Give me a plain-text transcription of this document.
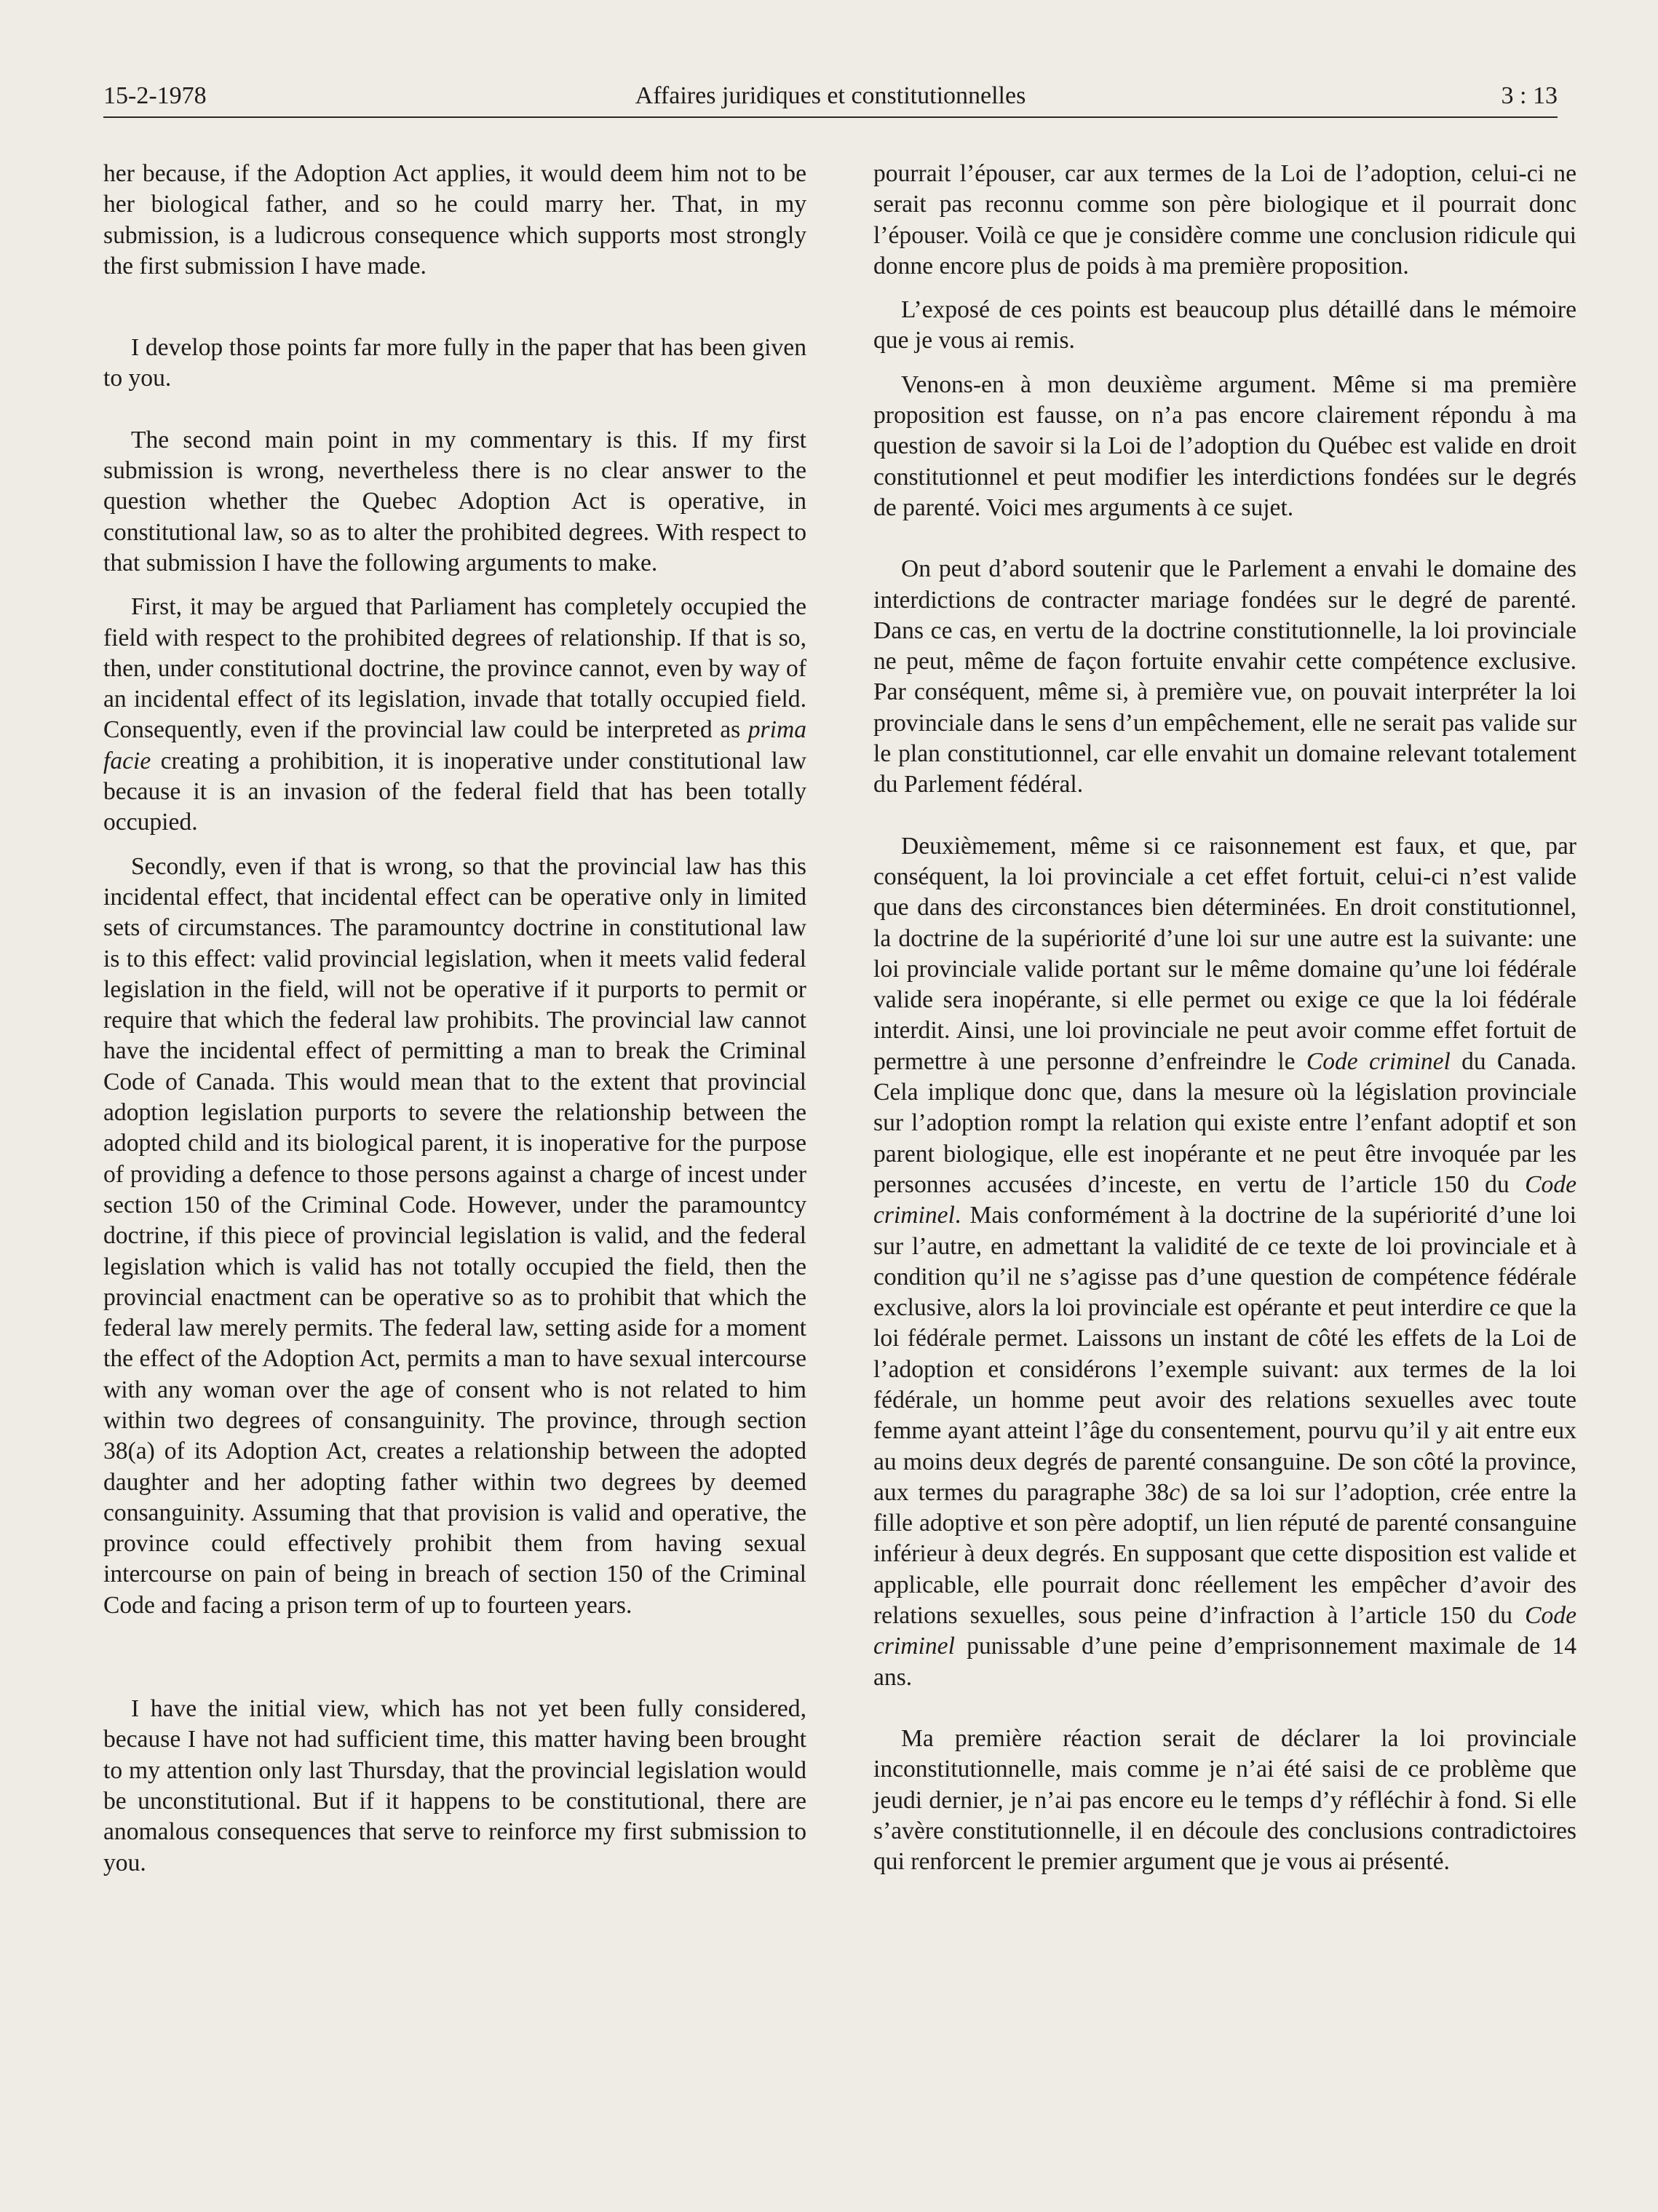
15-2-1978	Affaires juridiques et constitutionnelles	3 : 13

her because, if the Adoption Act applies, it would deem him not to be her biological father, and so he could marry her. That, in my submission, is a ludicrous consequence which supports most strongly the first submission I have made.

I develop those points far more fully in the paper that has been given to you.

The second main point in my commentary is this. If my first submission is wrong, nevertheless there is no clear answer to the question whether the Quebec Adoption Act is operative, in constitutional law, so as to alter the prohibited degrees. With respect to that submission I have the following arguments to make.

First, it may be argued that Parliament has completely occupied the field with respect to the prohibited degrees of relationship. If that is so, then, under constitutional doctrine, the province cannot, even by way of an incidental effect of its legislation, invade that totally occupied field. Consequently, even if the provincial law could be interpreted as prima facie creating a prohibition, it is inoperative under constitutional law because it is an invasion of the federal field that has been totally occupied.

Secondly, even if that is wrong, so that the provincial law has this incidental effect, that incidental effect can be operative only in limited sets of circumstances. The paramountcy doctrine in constitutional law is to this effect: valid provincial legislation, when it meets valid federal legislation in the field, will not be operative if it purports to permit or require that which the federal law prohibits. The provincial law cannot have the incidental effect of permitting a man to break the Criminal Code of Canada. This would mean that to the extent that provincial adoption legislation purports to severe the relationship between the adopted child and its biological parent, it is inoperative for the purpose of providing a defence to those persons against a charge of incest under section 150 of the Criminal Code. However, under the paramountcy doctrine, if this piece of provincial legislation is valid, and the federal legislation which is valid has not totally occupied the field, then the provincial enactment can be operative so as to prohibit that which the federal law merely permits. The federal law, setting aside for a moment the effect of the Adoption Act, permits a man to have sexual intercourse with any woman over the age of consent who is not related to him within two degrees of consanguinity. The province, through section 38(a) of its Adoption Act, creates a relationship between the adopted daughter and her adopting father within two degrees by deemed consanguinity. Assuming that that provision is valid and operative, the province could effectively prohibit them from having sexual intercourse on pain of being in breach of section 150 of the Criminal Code and facing a prison term of up to fourteen years.

I have the initial view, which has not yet been fully considered, because I have not had sufficient time, this matter having been brought to my attention only last Thursday, that the provincial legislation would be unconstitutional. But if it happens to be constitutional, there are anomalous consequences that serve to reinforce my first submission to you.

pourrait l’épouser, car aux termes de la Loi de l’adoption, celui-ci ne serait pas reconnu comme son père biologique et il pourrait donc l’épouser. Voilà ce que je considère comme une conclusion ridicule qui donne encore plus de poids à ma première proposition.

L’exposé de ces points est beaucoup plus détaillé dans le mémoire que je vous ai remis.

Venons-en à mon deuxième argument. Même si ma première proposition est fausse, on n’a pas encore clairement répondu à ma question de savoir si la Loi de l’adoption du Québec est valide en droit constitutionnel et peut modifier les interdictions fondées sur le degrés de parenté. Voici mes arguments à ce sujet.

On peut d’abord soutenir que le Parlement a envahi le domaine des interdictions de contracter mariage fondées sur le degré de parenté. Dans ce cas, en vertu de la doctrine constitutionnelle, la loi provinciale ne peut, même de façon fortuite envahir cette compétence exclusive. Par conséquent, même si, à première vue, on pouvait interpréter la loi provinciale dans le sens d’un empêchement, elle ne serait pas valide sur le plan constitutionnel, car elle envahit un domaine relevant totalement du Parlement fédéral.

Deuxièmement, même si ce raisonnement est faux, et que, par conséquent, la loi provinciale a cet effet fortuit, celui-ci n’est valide que dans des circonstances bien déterminées. En droit constitutionnel, la doctrine de la supériorité d’une loi sur une autre est la suivante: une loi provinciale valide portant sur le même domaine qu’une loi fédérale valide sera inopérante, si elle permet ou exige ce que la loi fédérale interdit. Ainsi, une loi provinciale ne peut avoir comme effet fortuit de permettre à une personne d’enfreindre le Code criminel du Canada. Cela implique donc que, dans la mesure où la législation provinciale sur l’adoption rompt la relation qui existe entre l’enfant adoptif et son parent biologique, elle est inopérante et ne peut être invoquée par les personnes accusées d’inceste, en vertu de l’article 150 du Code criminel. Mais conformément à la doctrine de la supériorité d’une loi sur l’autre, en admettant la validité de ce texte de loi provinciale et à condition qu’il ne s’agisse pas d’une question de compétence fédérale exclusive, alors la loi provinciale est opérante et peut interdire ce que la loi fédérale permet. Laissons un instant de côté les effets de la Loi de l’adoption et considérons l’exemple suivant: aux termes de la loi fédérale, un homme peut avoir des relations sexuelles avec toute femme ayant atteint l’âge du consentement, pourvu qu’il y ait entre eux au moins deux degrés de parenté consanguine. De son côté la province, aux termes du paragraphe 38c) de sa loi sur l’adoption, crée entre la fille adoptive et son père adoptif, un lien réputé de parenté consanguine inférieur à deux degrés. En supposant que cette disposition est valide et applicable, elle pourrait donc réellement les empêcher d’avoir des relations sexuelles, sous peine d’infraction à l’article 150 du Code criminel punissable d’une peine d’emprisonnement maximale de 14 ans.

Ma première réaction serait de déclarer la loi provinciale inconstitutionnelle, mais comme je n’ai été saisi de ce problème que jeudi dernier, je n’ai pas encore eu le temps d’y réfléchir à fond. Si elle s’avère constitutionnelle, il en découle des conclusions contradictoires qui renforcent le premier argument que je vous ai présenté.
